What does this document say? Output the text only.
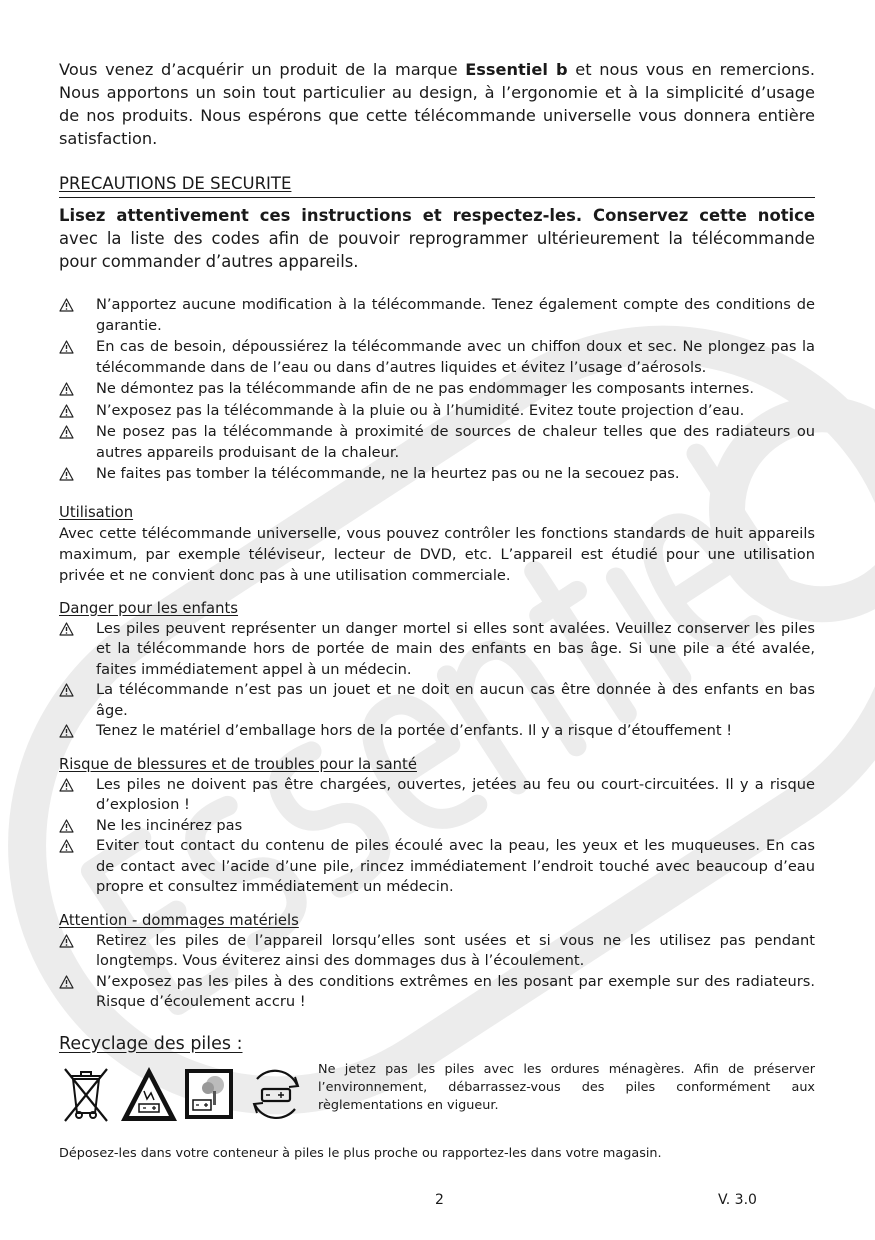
Vous venez d’acquérir un produit de la marque Essentiel b et nous vous en remercions. Nous apportons un soin tout particulier au design, à l’ergonomie et à la simplicité d’usage de nos produits. Nous espérons que cette télécommande universelle vous donnera entière satisfaction.

PRECAUTIONS DE SECURITE

Lisez attentivement ces instructions et respectez-les. Conservez cette notice avec la liste des codes afin de pouvoir reprogrammer ultérieurement la télécommande pour commander d’autres appareils.

N’apportez aucune modification à la télécommande. Tenez également compte des conditions de garantie.
En cas de besoin, dépoussiérez la télécommande avec un chiffon doux et sec. Ne plongez pas la télécommande dans de l’eau ou dans d’autres liquides et évitez l’usage d’aérosols.
Ne démontez pas la télécommande afin de ne pas endommager les composants internes.
N’exposez pas la télécommande à la pluie ou à l’humidité. Evitez toute projection d’eau.
Ne posez pas la télécommande à proximité de sources de chaleur telles que des radiateurs ou autres appareils produisant de la chaleur.
Ne faites pas tomber la télécommande, ne la heurtez pas ou ne la secouez pas.

Utilisation

Avec cette télécommande universelle, vous pouvez contrôler les fonctions standards de huit appareils maximum, par exemple téléviseur, lecteur de DVD, etc. L’appareil est étudié pour une utilisation privée et ne convient donc pas à une utilisation commerciale.

Danger pour les enfants

Les piles peuvent représenter un danger mortel si elles sont avalées. Veuillez conserver les piles et la télécommande hors de portée de main des enfants en bas âge. Si une pile a été avalée, faites immédiatement appel à un médecin.
La télécommande n’est pas un jouet et ne doit en aucun cas être donnée à des enfants en bas âge.
Tenez le matériel d’emballage hors de la portée d’enfants. Il y a risque d’étouffement !

Risque de blessures et de troubles pour la santé

Les piles ne doivent pas être chargées, ouvertes, jetées au feu ou court-circuitées. Il y a risque d’explosion !
Ne les incinérez pas
Eviter tout contact du contenu de piles écoulé avec la peau, les yeux et les muqueuses. En cas de contact avec l’acide d’une pile, rincez immédiatement l’endroit touché avec beaucoup d’eau propre et consultez immédiatement un médecin.

Attention - dommages matériels

Retirez les piles de l’appareil lorsqu’elles sont usées et si vous ne les utilisez pas pendant longtemps. Vous éviterez ainsi des dommages dus à l’écoulement.
N’exposez pas les piles à des conditions extrêmes en les posant par exemple sur des radiateurs. Risque d’écoulement accru !

Recyclage des piles :

Ne jetez pas les piles avec les ordures ménagères. Afin de préserver l’environnement, débarrassez-vous des piles conformément aux règlementations en vigueur.

Déposez-les dans votre conteneur à piles le plus proche ou rapportez-les dans votre magasin.

2	V. 3.0
